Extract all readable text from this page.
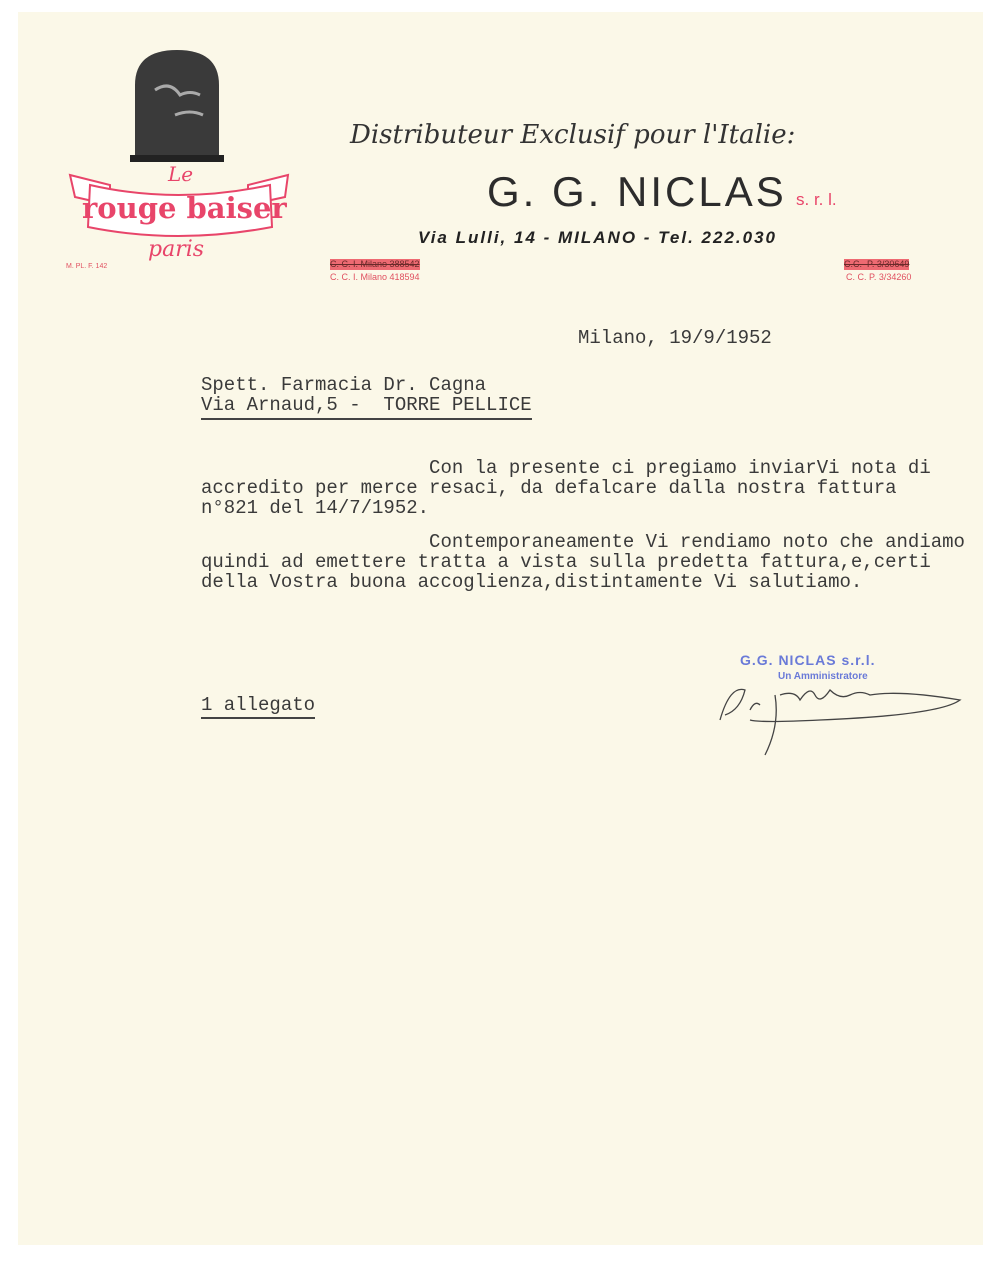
Le
rouge baiser
paris
M. PL. F. 142
Distributeur Exclusif pour l'Italie:
G. G. NICLAS s. r. l.
Via Lulli, 14 - MILANO - Tel. 222.030
C. C. I. Milano 388542
C. C. I. Milano 418594
C.C.  P. 3/30649
C. C. P. 3/34260
Milano, 19/9/1952
Spett. Farmacia Dr. Cagna
Via Arnaud,5 -  TORRE PELLICE
Con la presente ci pregiamo inviarVi nota di
accredito per merce resaci, da defalcare dalla nostra fattura
n°821 del 14/7/1952.
Contemporaneamente Vi rendiamo noto che andiamo
quindi ad emettere tratta a vista sulla predetta fattura,e,certi
della Vostra buona accoglienza,distintamente Vi salutiamo.
1 allegato
G.G. NICLAS s.r.l.
Un Amministratore
